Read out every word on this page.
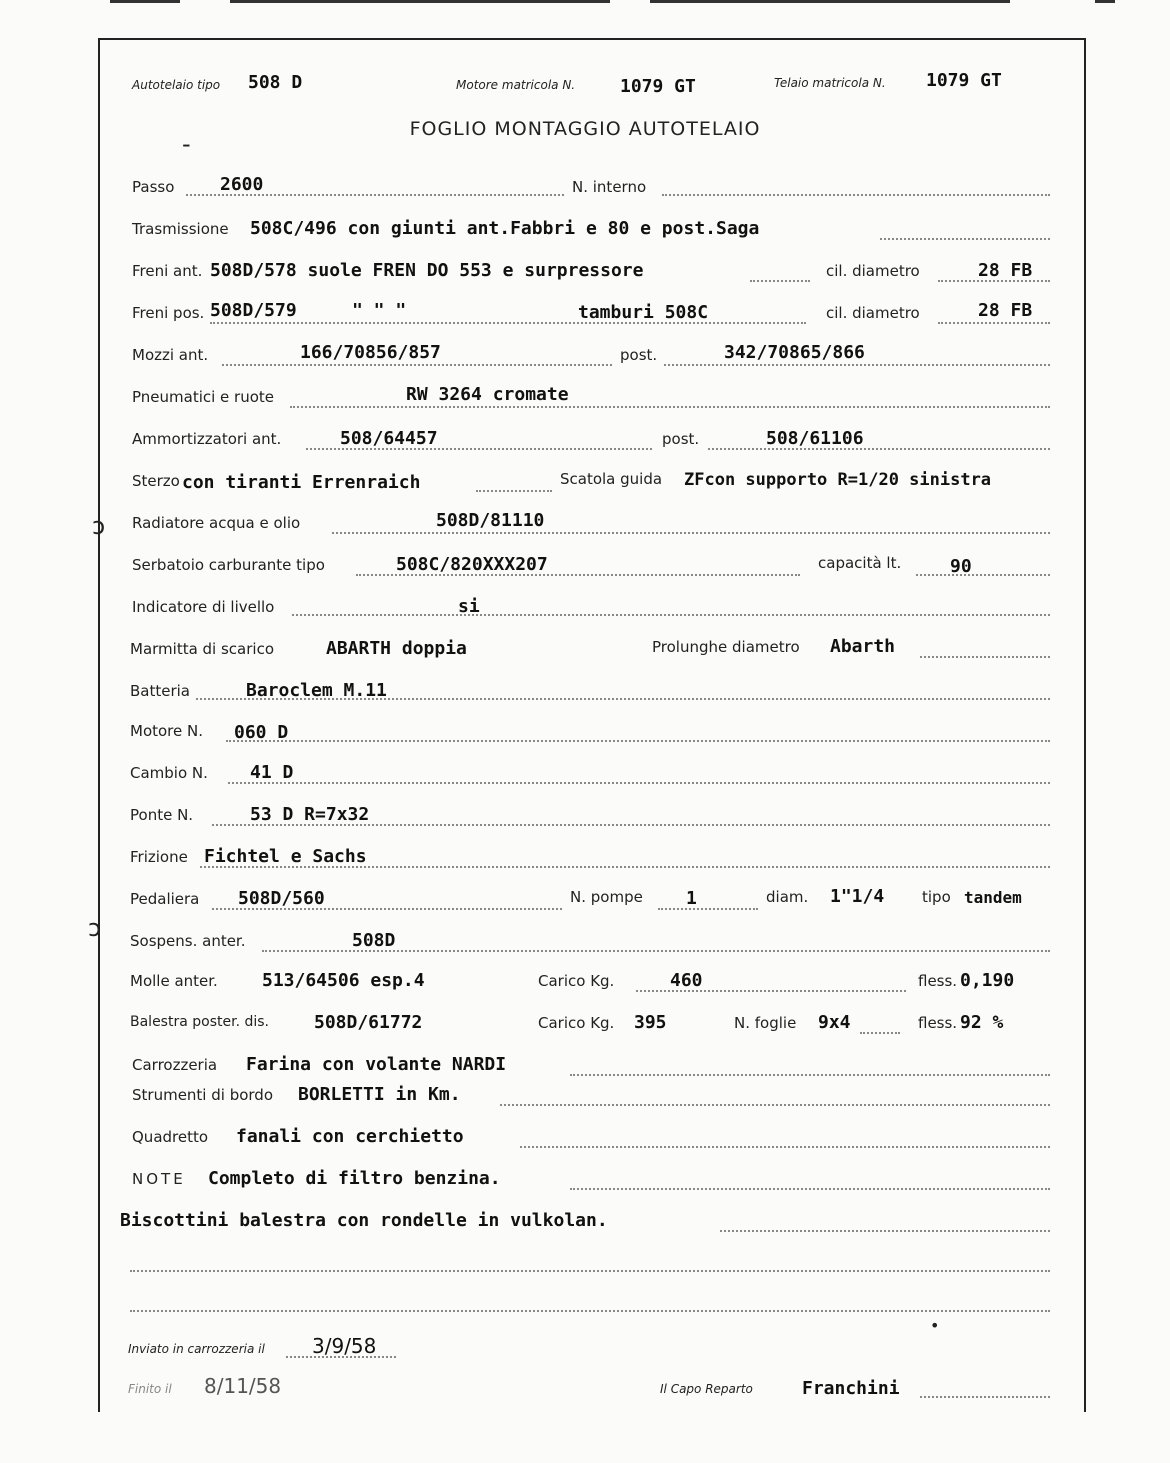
Autotelaio tipo 508 D	Motore matricola N. 1079 GT	Telaio matricola N. 1079 GT
FOGLIO MONTAGGIO AUTOTELAIO
-
Passo	2600	N. interno
Trasmissione 508C/496 con giunti ant.Fabbri e 80 e post.Saga
Freni ant. 508D/578 suole FREN DO 553 e surpressore	cil. diametro	28 FB
Freni pos. 508D/579	" " "	tamburi 508C	cil. diametro	28 FB
Mozzi ant.	166/70856/857	post.	342/70865/866
Pneumatici e ruote	RW 3264 cromate
Ammortizzatori ant.	508/64457	post.	508/61106
Sterzo con tiranti Errenraich	Scatola guida ZFcon supporto R=1/20 sinistra
ↄ Radiatore acqua e olio	508D/81110
Serbatoio carburante tipo	508C/820XXX207	capacità lt.	90
Indicatore di livello	si
Marmitta di scarico	ABARTH doppia	Prolunghe diametro Abarth
Batteria	Baroclem M.11
Motore N. 060 D
Cambio N. 41 D
Ponte N.	53 D R=7x32
Frizione Fichtel e Sachs
Pedaliera 508D/560	N. pompe 1	diam. 1"1/4	tipo tandem
ↄ Sospens. anter.	508D
Molle anter. 513/64506 esp.4	Carico Kg.	460	fless. 0,190
Balestra poster. dis.	508D/61772	Carico Kg. 395	N. foglie 9x4	fless. 92 %
Carrozzeria Farina con volante NARDI
Strumenti di bordo BORLETTI in Km.
Quadretto fanali con cerchietto
NOTE Completo di filtro benzina.
Biscottini balestra con rondelle in vulkolan.
•
Inviato in carrozzeria il 3/9/58
Finito il 8/11/58	Il Capo Reparto	Franchini
